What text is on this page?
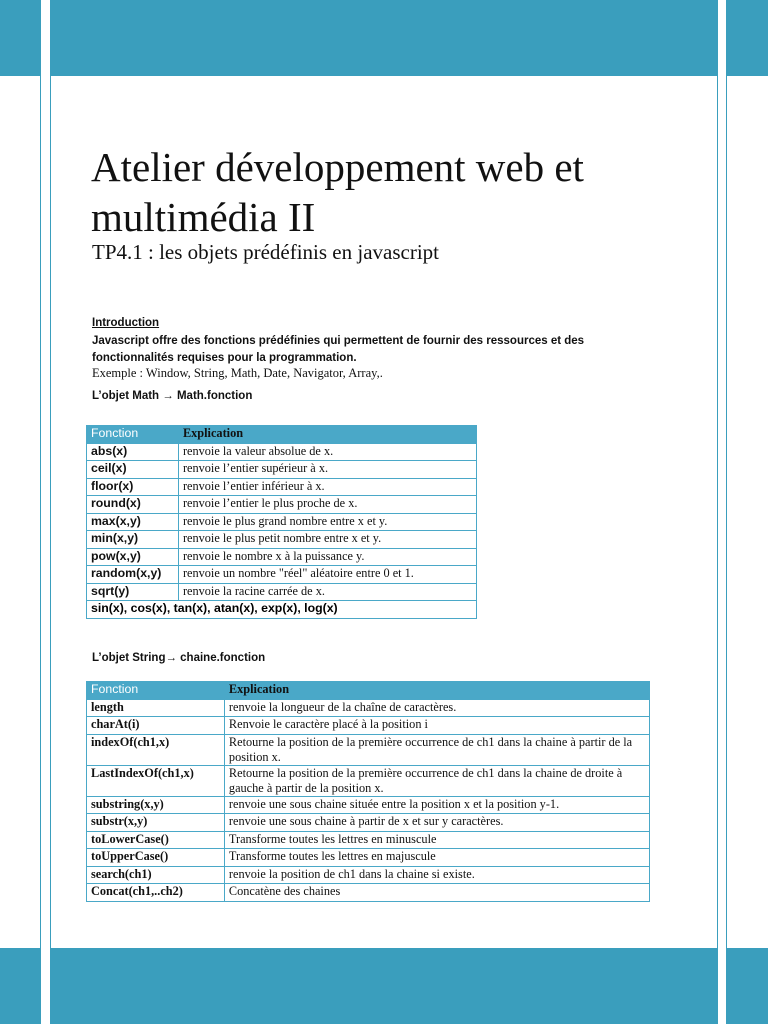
Atelier développement web et multimédia II
TP4.1 : les objets prédéfinis en javascript
Introduction
Javascript offre des fonctions prédéfinies qui permettent de fournir des ressources et des fonctionnalités requises pour la programmation.
Exemple : Window, String, Math, Date, Navigator, Array,.
L’objet Math → Math.fonction
Fonction	Explication
abs(x)	renvoie la valeur absolue de x.
ceil(x)	renvoie l’entier supérieur à x.
floor(x)	renvoie l’entier inférieur à x.
round(x)	renvoie l’entier le plus proche de x.
max(x,y)	renvoie le plus grand nombre entre x et y.
min(x,y)	renvoie le plus petit nombre entre x et y.
pow(x,y)	renvoie le nombre x à la puissance y.
random(x,y)	renvoie un nombre "réel" aléatoire entre 0 et 1.
sqrt(y)	renvoie la racine carrée de x.
sin(x), cos(x), tan(x), atan(x), exp(x), log(x)	
L’objet String→ chaine.fonction
Fonction	Explication
length	renvoie la longueur de la chaîne de caractères.
charAt(i)	Renvoie le caractère placé à la position i
indexOf(ch1,x)	Retourne la position de la première occurrence de ch1 dans la chaine à partir de la position x.
LastIndexOf(ch1,x)	Retourne la position de la première occurrence de ch1 dans la chaine de droite à gauche à partir de la position x.
substring(x,y)	renvoie une sous chaine située entre la position x et la position y-1.
substr(x,y)	renvoie une sous chaine à partir de x et sur y caractères.
toLowerCase()	Transforme toutes les lettres en minuscule
toUpperCase()	Transforme toutes les lettres en majuscule
search(ch1)	renvoie la position de ch1 dans la chaine si existe.
Concat(ch1,..ch2)	Concatène des chaines
